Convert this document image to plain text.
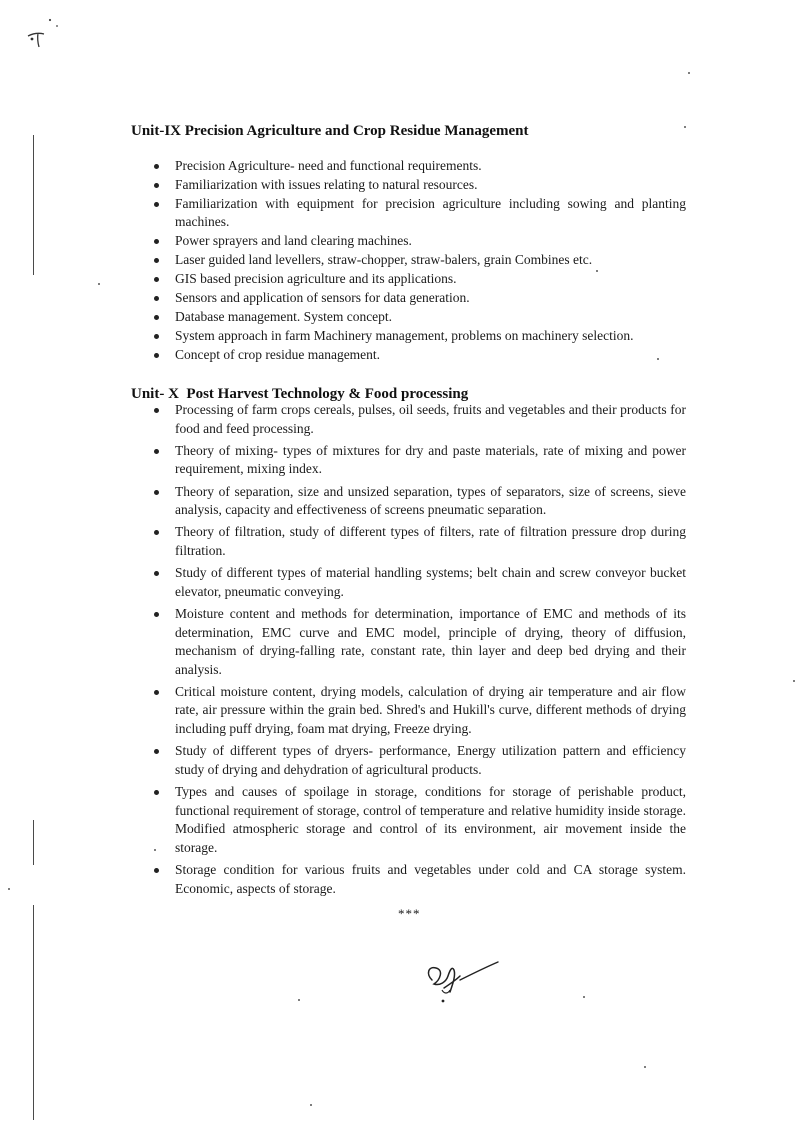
Unit-IX Precision Agriculture and Crop Residue Management
Precision Agriculture- need and functional requirements.
Familiarization with issues relating to natural resources.
Familiarization with equipment for precision agriculture including sowing and planting machines.
Power sprayers and land clearing machines.
Laser guided land levellers, straw-chopper, straw-balers, grain Combines etc.
GIS based precision agriculture and its applications.
Sensors and application of sensors for data generation.
Database management. System concept.
System approach in farm Machinery management, problems on machinery selection.
Concept of crop residue management.
Unit- X  Post Harvest Technology & Food processing
Processing of farm crops cereals, pulses, oil seeds, fruits and vegetables and their products for food and feed processing.
Theory of mixing- types of mixtures for dry and paste materials, rate of mixing and power requirement, mixing index.
Theory of separation, size and unsized separation, types of separators, size of screens, sieve analysis, capacity and effectiveness of screens pneumatic separation.
Theory of filtration, study of different types of filters, rate of filtration pressure drop during filtration.
Study of different types of material handling systems; belt chain and screw conveyor bucket elevator, pneumatic conveying.
Moisture content and methods for determination, importance of EMC and methods of its determination, EMC curve and EMC model, principle of drying, theory of diffusion, mechanism of drying-falling rate, constant rate, thin layer and deep bed drying and their analysis.
Critical moisture content, drying models, calculation of drying air temperature and air flow rate, air pressure within the grain bed. Shred's and Hukill's curve, different methods of drying including puff drying, foam mat drying, Freeze drying.
Study of different types of dryers- performance, Energy utilization pattern and efficiency study of drying and dehydration of agricultural products.
Types and causes of spoilage in storage, conditions for storage of perishable product, functional requirement of storage, control of temperature and relative humidity inside storage. Modified atmospheric storage and control of its environment, air movement inside the storage.
Storage condition for various fruits and vegetables under cold and CA storage system. Economic, aspects of storage.
***
